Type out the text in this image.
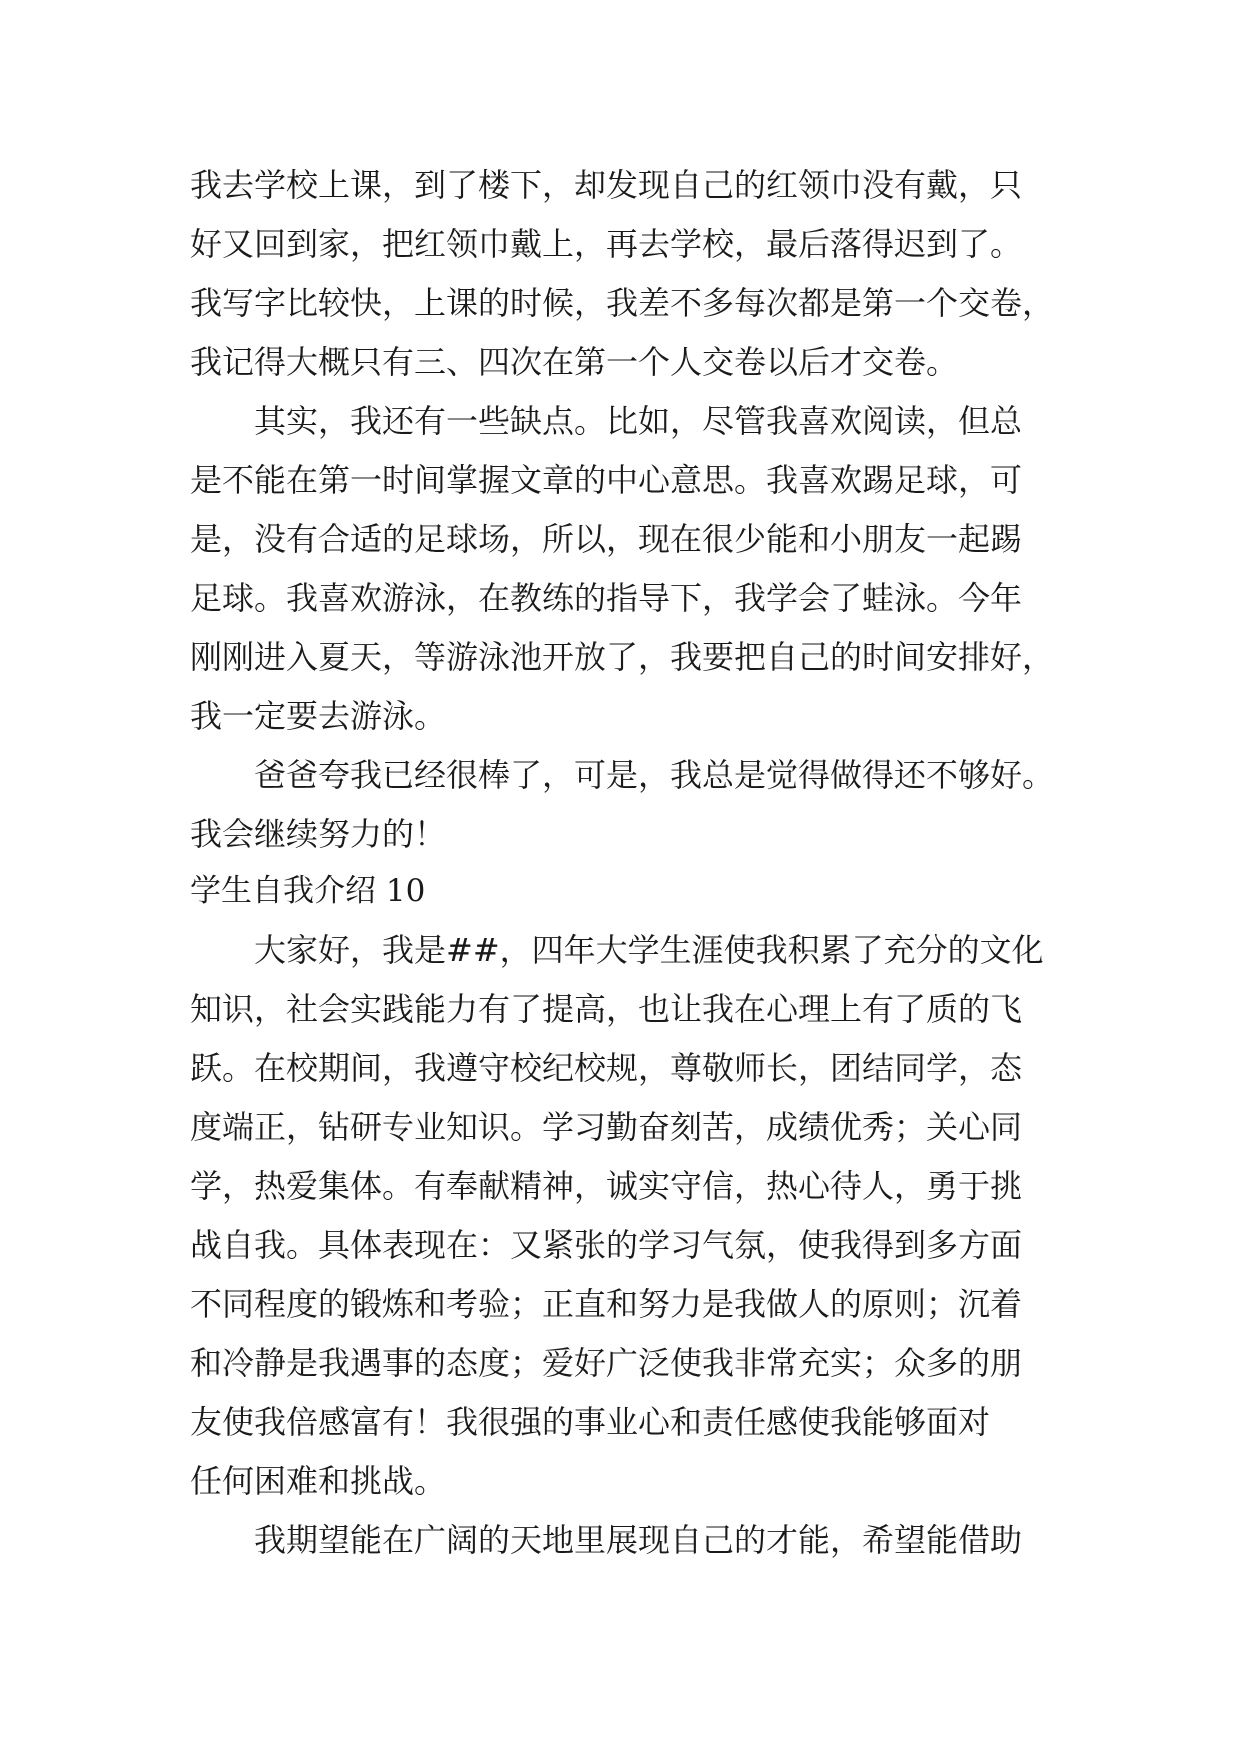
我去学校上课，到了楼下，却发现自己的红领巾没有戴，只
好又回到家，把红领巾戴上，再去学校，最后落得迟到了。
我写字比较快，上课的时候，我差不多每次都是第一个交卷，
我记得大概只有三、四次在第一个人交卷以后才交卷。
其实，我还有一些缺点。比如，尽管我喜欢阅读，但总
是不能在第一时间掌握文章的中心意思。我喜欢踢足球，可
是，没有合适的足球场，所以，现在很少能和小朋友一起踢
足球。我喜欢游泳，在教练的指导下，我学会了蛙泳。今年
刚刚进入夏天，等游泳池开放了，我要把自己的时间安排好，
我一定要去游泳。
爸爸夸我已经很棒了，可是，我总是觉得做得还不够好。
我会继续努力的！
学生自我介绍 10
大家好，我是##，四年大学生涯使我积累了充分的文化
知识，社会实践能力有了提高，也让我在心理上有了质的飞
跃。在校期间，我遵守校纪校规，尊敬师长，团结同学，态
度端正，钻研专业知识。学习勤奋刻苦，成绩优秀；关心同
学，热爱集体。有奉献精神，诚实守信，热心待人，勇于挑
战自我。具体表现在：又紧张的学习气氛，使我得到多方面
不同程度的锻炼和考验；正直和努力是我做人的原则；沉着
和冷静是我遇事的态度；爱好广泛使我非常充实；众多的朋
友使我倍感富有！我很强的事业心和责任感使我能够面对
任何困难和挑战。
我期望能在广阔的天地里展现自己的才能，希望能借助
